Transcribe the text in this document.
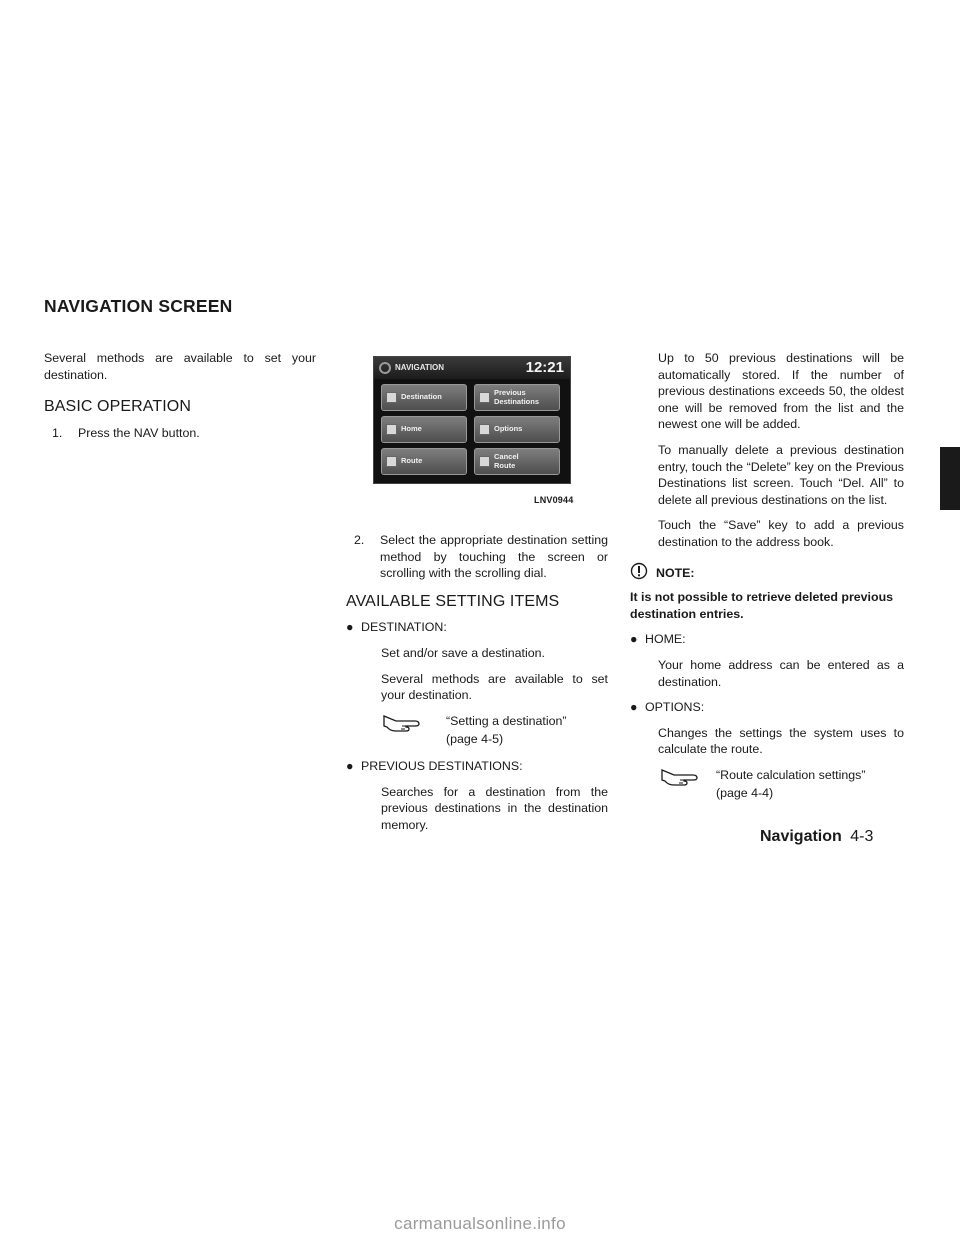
NAVIGATION SCREEN

Several methods are available to set your destination.

BASIC OPERATION
1.	Press the NAV button.
NAVIGATION	12:21
Destination	Previous Destinations
Home	Options
Route	Cancel Route
LNV0944
2.	Select the appropriate destination setting method by touching the screen or scrolling with the scrolling dial.
AVAILABLE SETTING ITEMS
● DESTINATION:

Set and/or save a destination.

Several methods are available to set your destination.

“Setting a destination”
(page 4-5)
● PREVIOUS DESTINATIONS:

Searches for a destination from the previous destinations in the destination memory.

Up to 50 previous destinations will be automatically stored. If the number of previous destinations exceeds 50, the oldest one will be removed from the list and the newest one will be added.

To manually delete a previous destination entry, touch the “Delete” key on the Previous Destinations list screen. Touch “Del. All” to delete all previous destinations on the list.

Touch the “Save” key to add a previous destination to the address book.

NOTE:

It is not possible to retrieve deleted previous destination entries.

● HOME:

Your home address can be entered as a destination.

● OPTIONS:

Changes the settings the system uses to calculate the route.

“Route calculation settings”
(page 4-4)
Navigation 4-3
carmanualsonline.info
